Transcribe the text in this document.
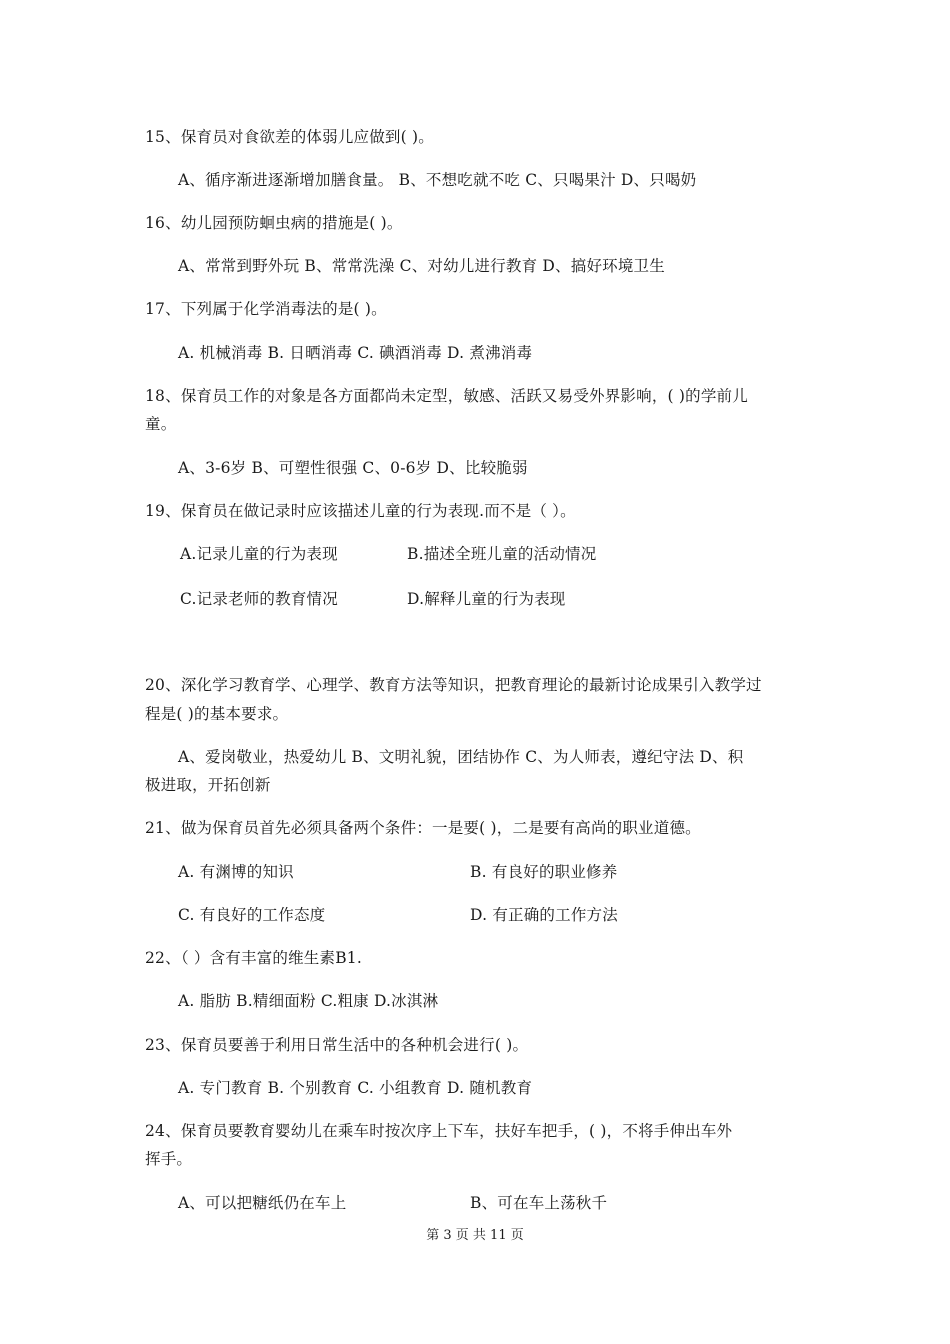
15、保育员对食欲差的体弱儿应做到( )。
A、循序渐进逐渐增加膳食量。 B、不想吃就不吃 C、只喝果汁 D、只喝奶
16、幼儿园预防蛔虫病的措施是( )。
A、常常到野外玩 B、常常洗澡 C、对幼儿进行教育 D、搞好环境卫生
17、下列属于化学消毒法的是( )。
A. 机械消毒 B. 日晒消毒 C. 碘酒消毒 D. 煮沸消毒
18、保育员工作的对象是各方面都尚未定型，敏感、活跃又易受外界影响，( )的学前儿
童。
A、3-6岁 B、可塑性很强 C、0-6岁 D、比较脆弱
19、保育员在做记录时应该描述儿童的行为表现.而不是（ ）。
A.记录儿童的行为表现	B.描述全班儿童的活动情况
C.记录老师的教育情况	D.解释儿童的行为表现
20、深化学习教育学、心理学、教育方法等知识，把教育理论的最新讨论成果引入教学过
程是( )的基本要求。
A、爱岗敬业，热爱幼儿 B、文明礼貌，团结协作 C、为人师表，遵纪守法 D、积
极进取，开拓创新
21、做为保育员首先必须具备两个条件：一是要( )，二是要有高尚的职业道德。
A. 有渊博的知识	B. 有良好的职业修养
C. 有良好的工作态度	D. 有正确的工作方法
22、（ ）含有丰富的维生素B1.
A. 脂肪 B.精细面粉 C.粗康 D.冰淇淋
23、保育员要善于利用日常生活中的各种机会进行( )。
A. 专门教育 B. 个别教育 C. 小组教育 D. 随机教育
24、保育员要教育婴幼儿在乘车时按次序上下车，扶好车把手，( )，不将手伸出车外
挥手。
A、可以把糖纸仍在车上	B、可在车上荡秋千
第 3 页 共 11 页
